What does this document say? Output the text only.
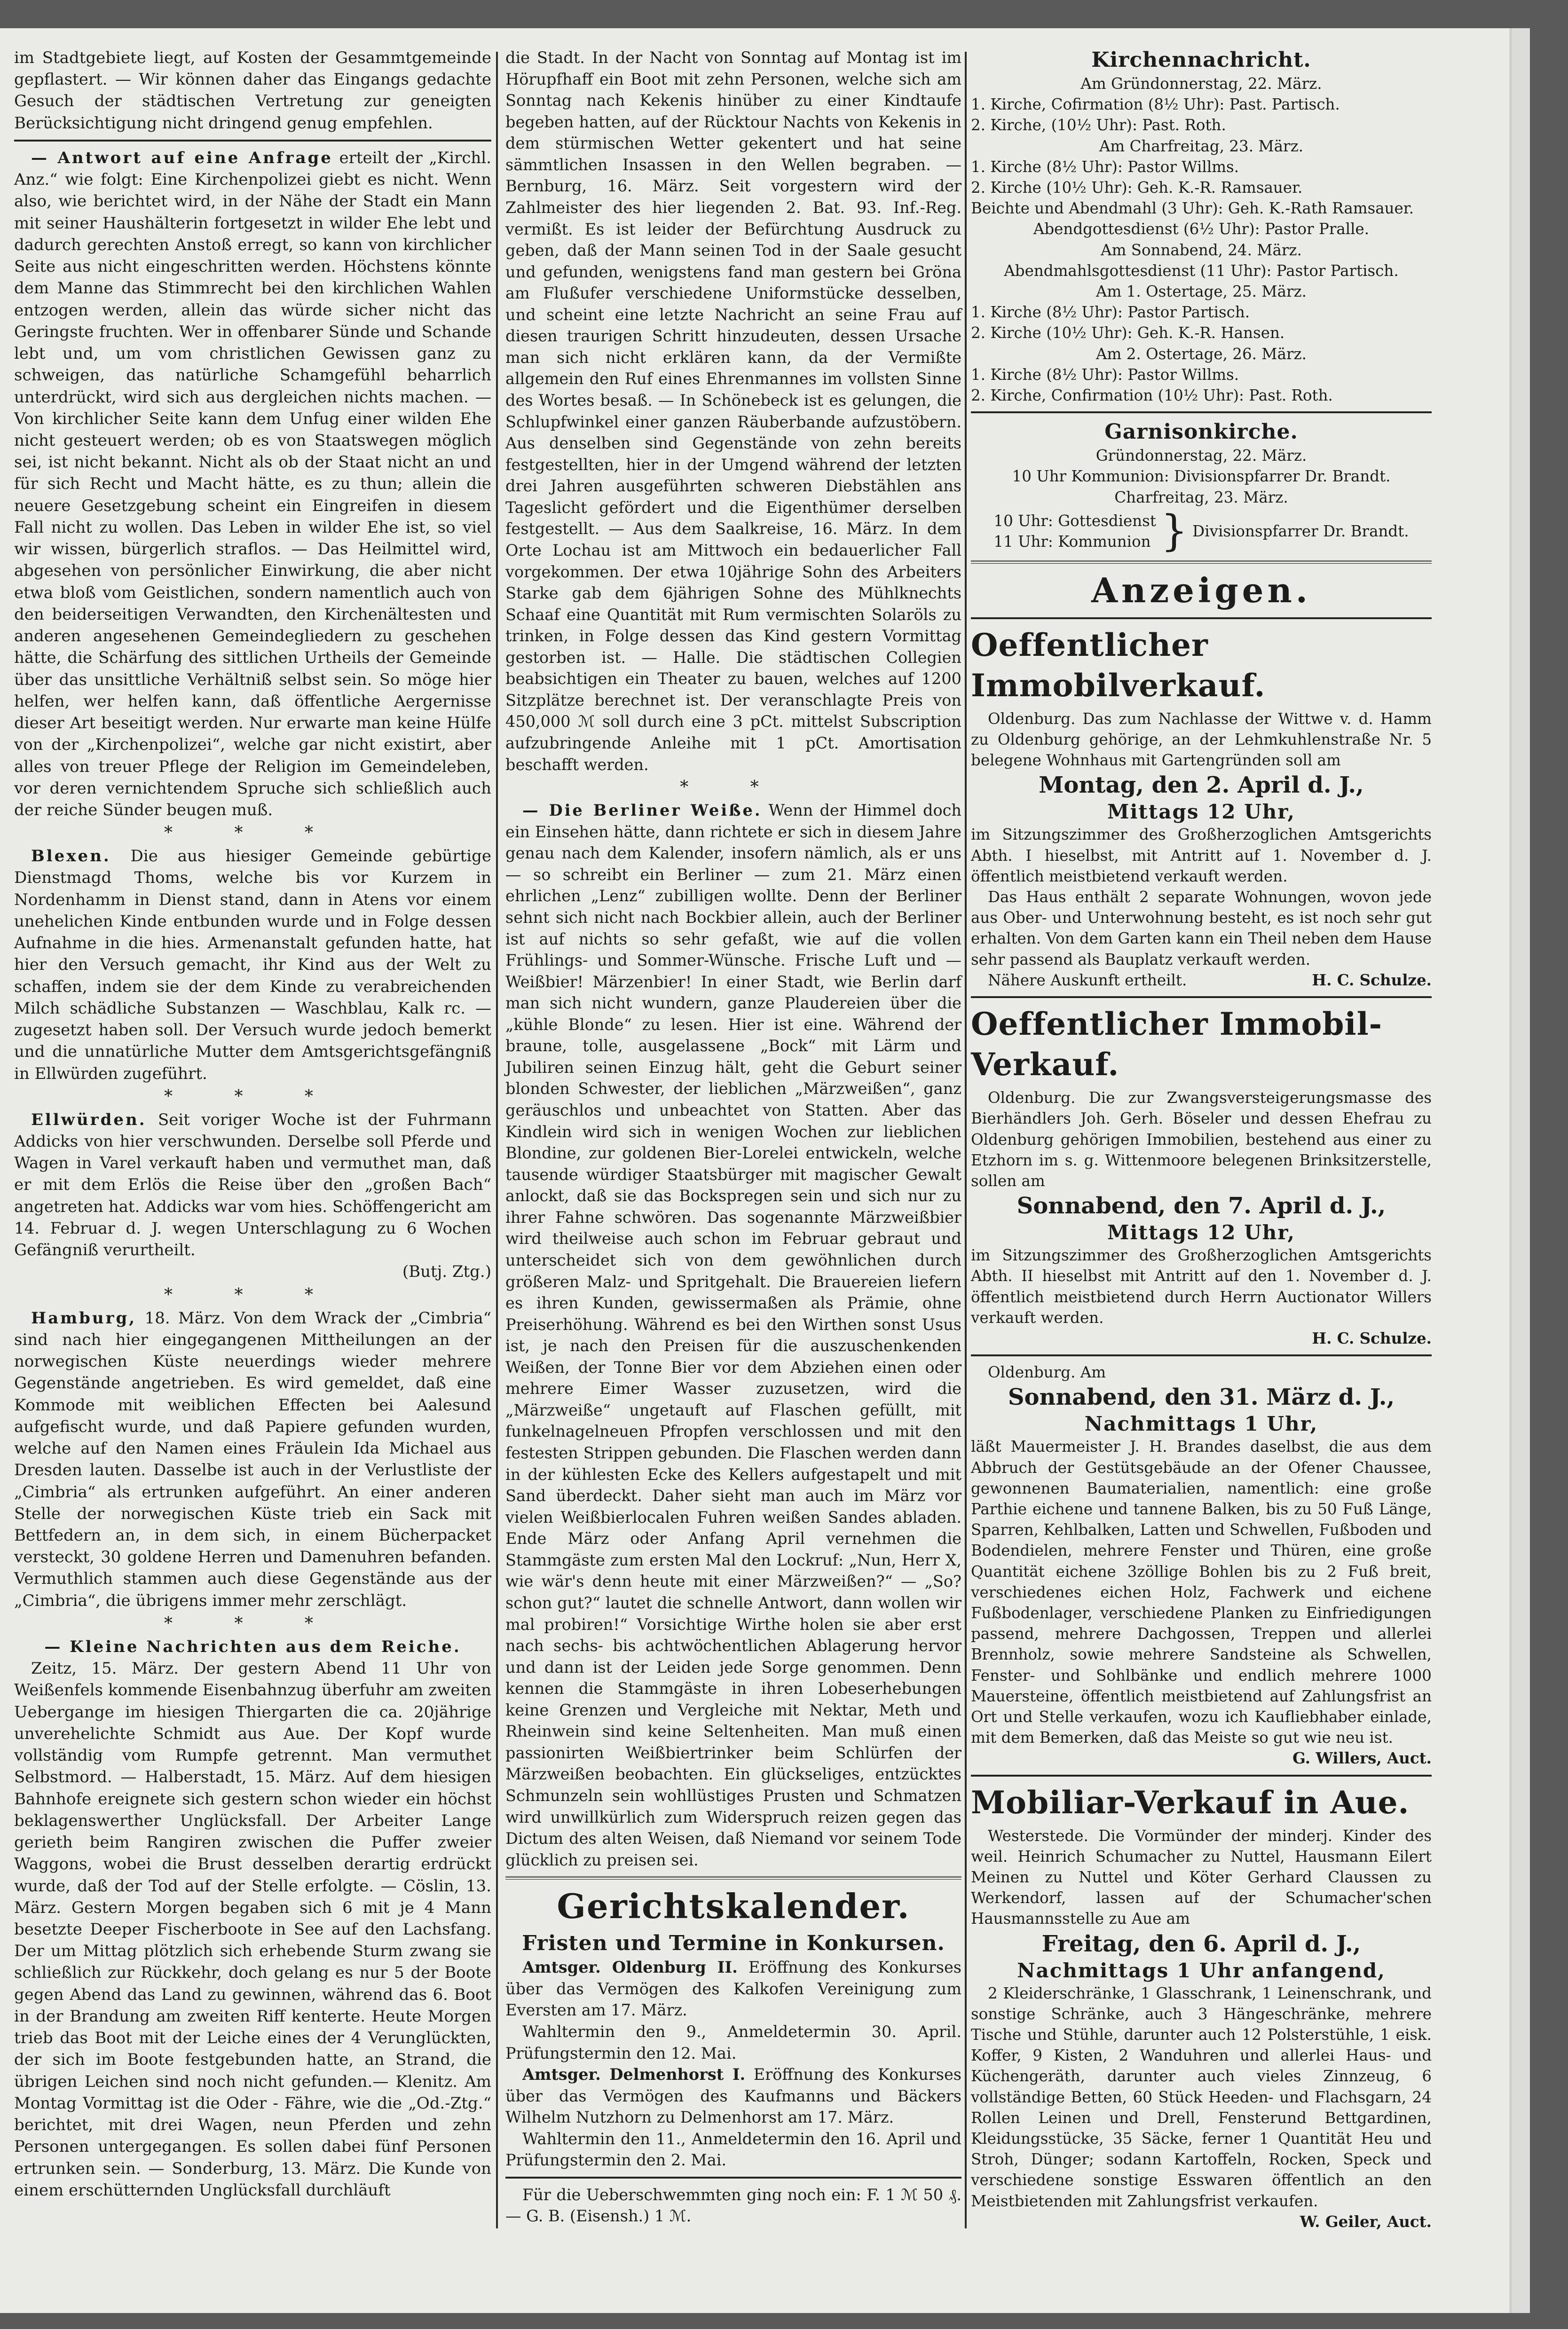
im Stadtgebiete liegt, auf Kosten der Gesammtgemeinde gepflastert. — Wir können daher das Eingangs gedachte Gesuch der städtischen Vertretung zur geneigten Berücksichtigung nicht dringend genug empfehlen.

— Antwort auf eine Anfrage erteilt der „Kirchl. Anz.“ wie folgt: Eine Kirchenpolizei giebt es nicht. Wenn also, wie berichtet wird, in der Nähe der Stadt ein Mann mit seiner Haushälterin fortgesetzt in wilder Ehe lebt und dadurch gerechten Anstoß erregt, so kann von kirchlicher Seite aus nicht eingeschritten werden. Höchstens könnte dem Manne das Stimmrecht bei den kirchlichen Wahlen entzogen werden, allein das würde sicher nicht das Geringste fruchten. Wer in offenbarer Sünde und Schande lebt und, um vom christlichen Gewissen ganz zu schweigen, das natürliche Schamgefühl beharrlich unterdrückt, wird sich aus dergleichen nichts machen. — Von kirchlicher Seite kann dem Unfug einer wilden Ehe nicht gesteuert werden; ob es von Staatswegen möglich sei, ist nicht bekannt. Nicht als ob der Staat nicht an und für sich Recht und Macht hätte, es zu thun; allein die neuere Gesetzgebung scheint ein Eingreifen in diesem Fall nicht zu wollen. Das Leben in wilder Ehe ist, so viel wir wissen, bürgerlich straflos. — Das Heilmittel wird, abgesehen von persönlicher Einwirkung, die aber nicht etwa bloß vom Geistlichen, sondern namentlich auch von den beiderseitigen Verwandten, den Kirchenältesten und anderen angesehenen Gemeindegliedern zu geschehen hätte, die Schärfung des sittlichen Urtheils der Gemeinde über das unsittliche Verhältniß selbst sein. So möge hier helfen, wer helfen kann, daß öffentliche Aergernisse dieser Art beseitigt werden. Nur erwarte man keine Hülfe von der „Kirchenpolizei“, welche gar nicht existirt, aber alles von treuer Pflege der Religion im Gemeindeleben, vor deren vernichtendem Spruche sich schließlich auch der reiche Sünder beugen muß.

* * *

Blexen. Die aus hiesiger Gemeinde gebürtige Dienstmagd Thoms, welche bis vor Kurzem in Nordenhamm in Dienst stand, dann in Atens vor einem unehelichen Kinde entbunden wurde und in Folge dessen Aufnahme in die hies. Armenanstalt gefunden hatte, hat hier den Versuch gemacht, ihr Kind aus der Welt zu schaffen, indem sie der dem Kinde zu verabreichenden Milch schädliche Substanzen — Waschblau, Kalk rc. — zugesetzt haben soll. Der Versuch wurde jedoch bemerkt und die unnatürliche Mutter dem Amtsgerichtsgefängniß in Ellwürden zugeführt.

* * *

Ellwürden. Seit voriger Woche ist der Fuhrmann Addicks von hier verschwunden. Derselbe soll Pferde und Wagen in Varel verkauft haben und vermuthet man, daß er mit dem Erlös die Reise über den „großen Bach“ angetreten hat. Addicks war vom hies. Schöffengericht am 14. Februar d. J. wegen Unterschlagung zu 6 Wochen Gefängniß verurtheilt.

(Butj. Ztg.)

* * *

Hamburg, 18. März. Von dem Wrack der „Cimbria“ sind nach hier eingegangenen Mittheilungen an der norwegischen Küste neuerdings wieder mehrere Gegenstände angetrieben. Es wird gemeldet, daß eine Kommode mit weiblichen Effecten bei Aalesund aufgefischt wurde, und daß Papiere gefunden wurden, welche auf den Namen eines Fräulein Ida Michael aus Dresden lauten. Dasselbe ist auch in der Verlustliste der „Cimbria“ als ertrunken aufgeführt. An einer anderen Stelle der norwegischen Küste trieb ein Sack mit Bettfedern an, in dem sich, in einem Bücherpacket versteckt, 30 goldene Herren und Damenuhren befanden. Vermuthlich stammen auch diese Gegenstände aus der „Cimbria“, die übrigens immer mehr zerschlägt.

* * *

— Kleine Nachrichten aus dem Reiche.

Zeitz, 15. März. Der gestern Abend 11 Uhr von Weißenfels kommende Eisenbahnzug überfuhr am zweiten Uebergange im hiesigen Thiergarten die ca. 20jährige unverehelichte Schmidt aus Aue. Der Kopf wurde vollständig vom Rumpfe getrennt. Man vermuthet Selbstmord. — Halberstadt, 15. März. Auf dem hiesigen Bahnhofe ereignete sich gestern schon wieder ein höchst beklagenswerther Unglücksfall. Der Arbeiter Lange gerieth beim Rangiren zwischen die Puffer zweier Waggons, wobei die Brust desselben derartig erdrückt wurde, daß der Tod auf der Stelle erfolgte. — Cöslin, 13. März. Gestern Morgen begaben sich 6 mit je 4 Mann besetzte Deeper Fischerboote in See auf den Lachsfang. Der um Mittag plötzlich sich erhebende Sturm zwang sie schließlich zur Rückkehr, doch gelang es nur 5 der Boote gegen Abend das Land zu gewinnen, während das 6. Boot in der Brandung am zweiten Riff kenterte. Heute Morgen trieb das Boot mit der Leiche eines der 4 Verunglückten, der sich im Boote festgebunden hatte, an Strand, die übrigen Leichen sind noch nicht gefunden.— Klenitz. Am Montag Vormittag ist die Oder - Fähre, wie die „Od.-Ztg.“ berichtet, mit drei Wagen, neun Pferden und zehn Personen untergegangen. Es sollen dabei fünf Personen ertrunken sein. — Sonderburg, 13. März. Die Kunde von einem erschütternden Unglücksfall durchläuft

die Stadt. In der Nacht von Sonntag auf Montag ist im Hörupfhaff ein Boot mit zehn Personen, welche sich am Sonntag nach Kekenis hinüber zu einer Kindtaufe begeben hatten, auf der Rücktour Nachts von Kekenis in dem stürmischen Wetter gekentert und hat seine sämmtlichen Insassen in den Wellen begraben. — Bernburg, 16. März. Seit vorgestern wird der Zahlmeister des hier liegenden 2. Bat. 93. Inf.-Reg. vermißt. Es ist leider der Befürchtung Ausdruck zu geben, daß der Mann seinen Tod in der Saale gesucht und gefunden, wenigstens fand man gestern bei Gröna am Flußufer verschiedene Uniformstücke desselben, und scheint eine letzte Nachricht an seine Frau auf diesen traurigen Schritt hinzudeuten, dessen Ursache man sich nicht erklären kann, da der Vermißte allgemein den Ruf eines Ehrenmannes im vollsten Sinne des Wortes besaß. — In Schönebeck ist es gelungen, die Schlupfwinkel einer ganzen Räuberbande aufzustöbern. Aus denselben sind Gegenstände von zehn bereits festgestellten, hier in der Umgend während der letzten drei Jahren ausgeführten schweren Diebstählen ans Tageslicht gefördert und die Eigenthümer derselben festgestellt. — Aus dem Saalkreise, 16. März. In dem Orte Lochau ist am Mittwoch ein bedauerlicher Fall vorgekommen. Der etwa 10jährige Sohn des Arbeiters Starke gab dem 6jährigen Sohne des Mühlknechts Schaaf eine Quantität mit Rum vermischten Solaröls zu trinken, in Folge dessen das Kind gestern Vormittag gestorben ist. — Halle. Die städtischen Collegien beabsichtigen ein Theater zu bauen, welches auf 1200 Sitzplätze berechnet ist. Der veranschlagte Preis von 450,000 ℳ soll durch eine 3 pCt. mittelst Subscription aufzubringende Anleihe mit 1 pCt. Amortisation beschafft werden.

* *

— Die Berliner Weiße. Wenn der Himmel doch ein Einsehen hätte, dann richtete er sich in diesem Jahre genau nach dem Kalender, insofern nämlich, als er uns — so schreibt ein Berliner — zum 21. März einen ehrlichen „Lenz“ zubilligen wollte. Denn der Berliner sehnt sich nicht nach Bockbier allein, auch der Berliner ist auf nichts so sehr gefaßt, wie auf die vollen Frühlings- und Sommer-Wünsche. Frische Luft und — Weißbier! Märzenbier! In einer Stadt, wie Berlin darf man sich nicht wundern, ganze Plaudereien über die „kühle Blonde“ zu lesen. Hier ist eine. Während der braune, tolle, ausgelassene „Bock“ mit Lärm und Jubiliren seinen Einzug hält, geht die Geburt seiner blonden Schwester, der lieblichen „Märzweißen“, ganz geräuschlos und unbeachtet von Statten. Aber das Kindlein wird sich in wenigen Wochen zur lieblichen Blondine, zur goldenen Bier-Lorelei entwickeln, welche tausende würdiger Staatsbürger mit magischer Gewalt anlockt, daß sie das Bockspregen sein und sich nur zu ihrer Fahne schwören. Das sogenannte Märzweißbier wird theilweise auch schon im Februar gebraut und unterscheidet sich von dem gewöhnlichen durch größeren Malz- und Spritgehalt. Die Brauereien liefern es ihren Kunden, gewissermaßen als Prämie, ohne Preiserhöhung. Während es bei den Wirthen sonst Usus ist, je nach den Preisen für die auszuschenkenden Weißen, der Tonne Bier vor dem Abziehen einen oder mehrere Eimer Wasser zuzusetzen, wird die „Märzweiße“ ungetauft auf Flaschen gefüllt, mit funkelnagelneuen Pfropfen verschlossen und mit den festesten Strippen gebunden. Die Flaschen werden dann in der kühlesten Ecke des Kellers aufgestapelt und mit Sand überdeckt. Daher sieht man auch im März vor vielen Weißbierlocalen Fuhren weißen Sandes abladen. Ende März oder Anfang April vernehmen die Stammgäste zum ersten Mal den Lockruf: „Nun, Herr X, wie wär's denn heute mit einer Märzweißen?“ — „So? schon gut?“ lautet die schnelle Antwort, dann wollen wir mal probiren!“ Vorsichtige Wirthe holen sie aber erst nach sechs- bis achtwöchentlichen Ablagerung hervor und dann ist der Leiden jede Sorge genommen. Denn kennen die Stammgäste in ihren Lobeserhebungen keine Grenzen und Vergleiche mit Nektar, Meth und Rheinwein sind keine Seltenheiten. Man muß einen passionirten Weißbiertrinker beim Schlürfen der Märzweißen beobachten. Ein glückseliges, entzücktes Schmunzeln sein wohllüstiges Prusten und Schmatzen wird unwillkürlich zum Widerspruch reizen gegen das Dictum des alten Weisen, daß Niemand vor seinem Tode glücklich zu preisen sei.

Gerichtskalender.
Fristen und Termine in Konkursen.

Amtsger. Oldenburg II. Eröffnung des Konkurses über das Vermögen des Kalkofen Vereinigung zum Eversten am 17. März.

Wahltermin den 9., Anmeldetermin 30. April. Prüfungstermin den 12. Mai.

Amtsger. Delmenhorst I. Eröffnung des Konkurses über das Vermögen des Kaufmanns und Bäckers Wilhelm Nutzhorn zu Delmenhorst am 17. März.

Wahltermin den 11., Anmeldetermin den 16. April und Prüfungstermin den 2. Mai.

Für die Ueberschwemmten ging noch ein: F. 1 ℳ 50 ₰. — G. B. (Eisensh.) 1 ℳ.

Kirchennachricht.

Am Gründonnerstag, 22. März.

1. Kirche, Cofirmation (8½ Uhr): Past. Partisch.

2. Kirche, (10½ Uhr): Past. Roth.

Am Charfreitag, 23. März.

1. Kirche (8½ Uhr): Pastor Willms.

2. Kirche (10½ Uhr): Geh. K.-R. Ramsauer.

Beichte und Abendmahl (3 Uhr): Geh. K.-Rath Ramsauer.

Abendgottesdienst (6½ Uhr): Pastor Pralle.

Am Sonnabend, 24. März.

Abendmahlsgottesdienst (11 Uhr): Pastor Partisch.

Am 1. Ostertage, 25. März.

1. Kirche (8½ Uhr): Pastor Partisch.

2. Kirche (10½ Uhr): Geh. K.-R. Hansen.

Am 2. Ostertage, 26. März.

1. Kirche (8½ Uhr): Pastor Willms.

2. Kirche, Confirmation (10½ Uhr): Past. Roth.

Garnisonkirche.

Gründonnerstag, 22. März.

10 Uhr Kommunion: Divisionspfarrer Dr. Brandt.

Charfreitag, 23. März.

10 Uhr: Gottesdienst

11 Uhr: Kommunion } Divisionspfarrer Dr. Brandt.

Anzeigen.
Oeffentlicher Immobilverkauf.

Oldenburg. Das zum Nachlasse der Wittwe v. d. Hamm zu Oldenburg gehörige, an der Lehmkuhlenstraße Nr. 5 belegene Wohnhaus mit Gartengründen soll am

Montag, den 2. April d. J.,
Mittags 12 Uhr,

im Sitzungszimmer des Großherzoglichen Amtsgerichts Abth. I hieselbst, mit Antritt auf 1. November d. J. öffentlich meistbietend verkauft werden.

Das Haus enthält 2 separate Wohnungen, wovon jede aus Ober- und Unterwohnung besteht, es ist noch sehr gut erhalten. Von dem Garten kann ein Theil neben dem Hause sehr passend als Bauplatz verkauft werden.

Nähere Auskunft ertheilt.	H. C. Schulze.

Oeffentlicher Immobil-Verkauf.

Oldenburg. Die zur Zwangsversteigerungsmasse des Bierhändlers Joh. Gerh. Böseler und dessen Ehefrau zu Oldenburg gehörigen Immobilien, bestehend aus einer zu Etzhorn im s. g. Wittenmoore belegenen Brinksitzerstelle, sollen am

Sonnabend, den 7. April d. J.,
Mittags 12 Uhr,

im Sitzungszimmer des Großherzoglichen Amtsgerichts Abth. II hieselbst mit Antritt auf den 1. November d. J. öffentlich meistbietend durch Herrn Auctionator Willers verkauft werden.

H. C. Schulze.

Oldenburg. Am

Sonnabend, den 31. März d. J.,
Nachmittags 1 Uhr,

läßt Mauermeister J. H. Brandes daselbst, die aus dem Abbruch der Gestütsgebäude an der Ofener Chaussee, gewonnenen Baumaterialien, namentlich: eine große Parthie eichene und tannene Balken, bis zu 50 Fuß Länge, Sparren, Kehlbalken, Latten und Schwellen, Fußboden und Bodendielen, mehrere Fenster und Thüren, eine große Quantität eichene 3zöllige Bohlen bis zu 2 Fuß breit, verschiedenes eichen Holz, Fachwerk und eichene Fußbodenlager, verschiedene Planken zu Einfriedigungen passend, mehrere Dachgossen, Treppen und allerlei Brennholz, sowie mehrere Sandsteine als Schwellen, Fenster- und Sohlbänke und endlich mehrere 1000 Mauersteine, öffentlich meistbietend auf Zahlungsfrist an Ort und Stelle verkaufen, wozu ich Kaufliebhaber einlade, mit dem Bemerken, daß das Meiste so gut wie neu ist.

G. Willers, Auct.

Mobiliar-Verkauf in Aue.

Westerstede. Die Vormünder der minderj. Kinder des weil. Heinrich Schumacher zu Nuttel, Hausmann Eilert Meinen zu Nuttel und Köter Gerhard Claussen zu Werkendorf, lassen auf der Schumacher'schen Hausmannsstelle zu Aue am

Freitag, den 6. April d. J.,
Nachmittags 1 Uhr anfangend,

2 Kleiderschränke, 1 Glasschrank, 1 Leinenschrank, und sonstige Schränke, auch 3 Hängeschränke, mehrere Tische und Stühle, darunter auch 12 Polsterstühle, 1 eisk. Koffer, 9 Kisten, 2 Wanduhren und allerlei Haus- und Küchengeräth, darunter auch vieles Zinnzeug, 6 vollständige Betten, 60 Stück Heeden- und Flachsgarn, 24 Rollen Leinen und Drell, Fensterund Bettgardinen, Kleidungsstücke, 35 Säcke, ferner 1 Quantität Heu und Stroh, Dünger; sodann Kartoffeln, Rocken, Speck und verschiedene sonstige Esswaren öffentlich an den Meistbietenden mit Zahlungsfrist verkaufen.

W. Geiler, Auct.
